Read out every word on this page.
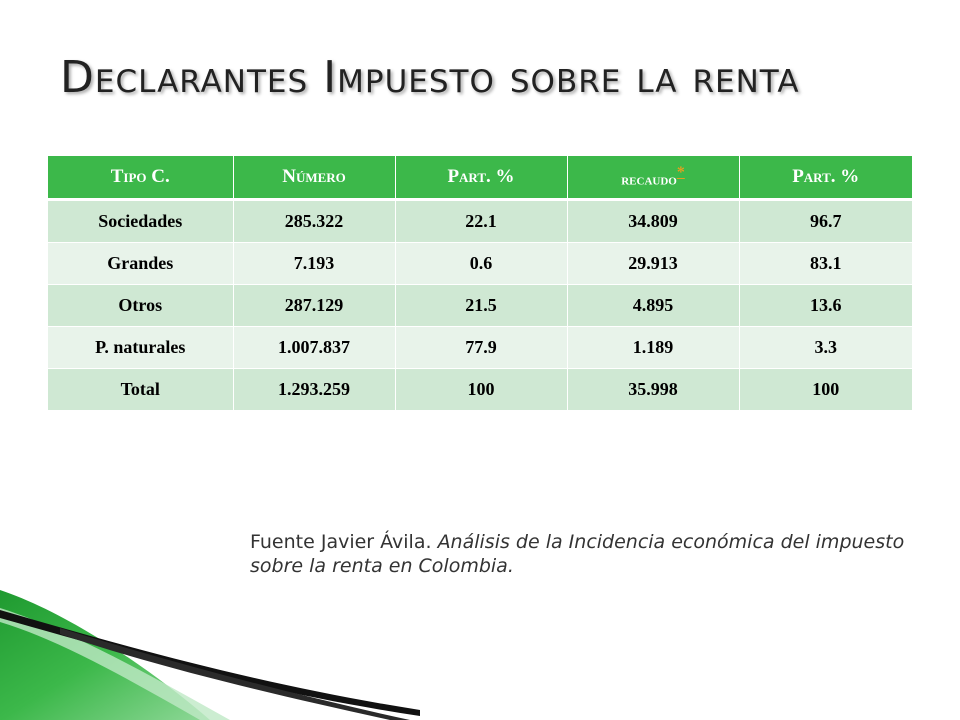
Declarantes Impuesto sobre la renta
Tipo C.	Número	Part. %	recaudo*	Part. %
Sociedades	285.322	22.1	34.809	96.7
Grandes	7.193	0.6	29.913	83.1
Otros	287.129	21.5	4.895	13.6
P. naturales	1.007.837	77.9	1.189	3.3
Total	1.293.259	100	35.998	100

Fuente Javier Ávila. Análisis de la Incidencia económica del impuesto sobre la renta en Colombia.
